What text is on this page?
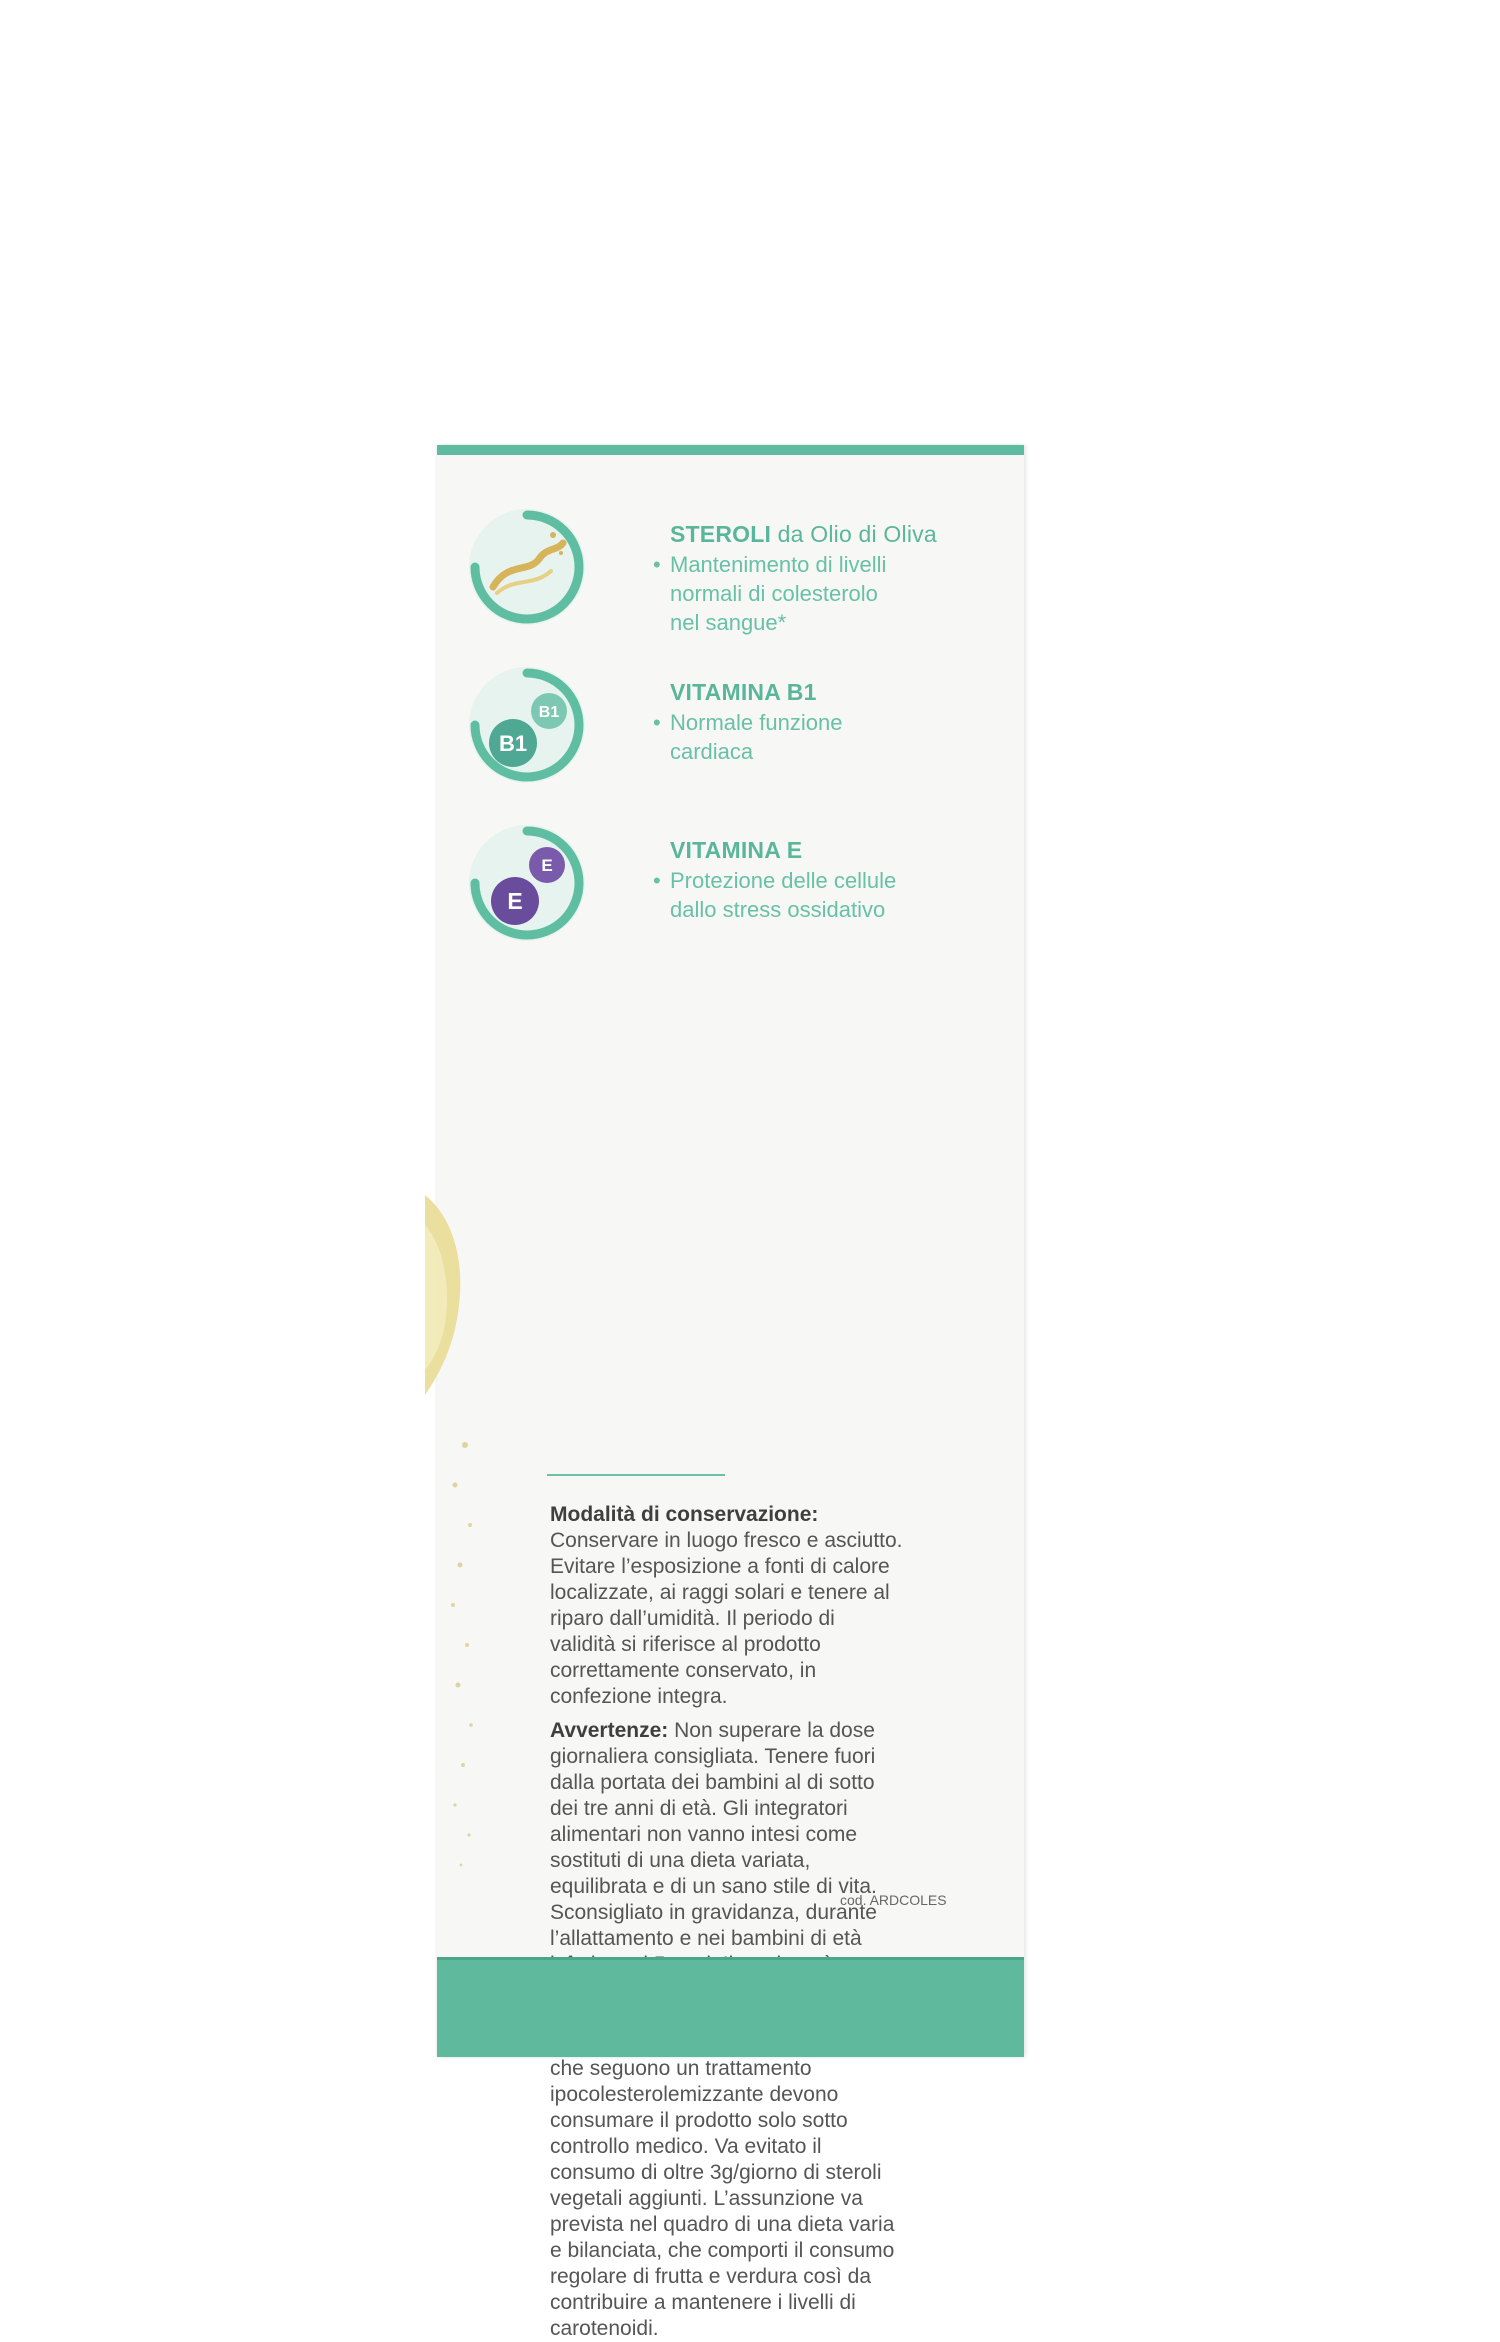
STEROLI da Olio di Oliva

• Mantenimento di livelli
normali di colesterolo
nel sangue*
B1
B1

VITAMINA B1

• Normale funzione
cardiaca
E
E

VITAMINA E

• Protezione delle cellule
dallo stress ossidativo

Modalità di conservazione:
Conservare in luogo fresco e asciutto.
Evitare l’esposizione a fonti di calore
localizzate, ai raggi solari e tenere al
riparo dall’umidità. Il periodo di
validità si riferisce al prodotto
correttamente conservato, in
confezione integra.

Avvertenze: Non superare la dose
giornaliera consigliata. Tenere fuori
dalla portata dei bambini al di sotto
dei tre anni di età. Gli integratori
alimentari non vanno intesi come
sostituti di una dieta variata,
equilibrata e di un sano stile di vita.
Sconsigliato in gravidanza, durante
l’allattamento e nei bambini di età

che seguono un trattamento
ipocolesterolemizzante devono
consumare il prodotto solo sotto
controllo medico. Va evitato il
consumo di oltre 3g/giorno di steroli
vegetali aggiunti. L’assunzione va
prevista nel quadro di una dieta varia
e bilanciata, che comporti il consumo
regolare di frutta e verdura così da
contribuire a mantenere i livelli di
carotenoidi.

cod. ARDCOLES
